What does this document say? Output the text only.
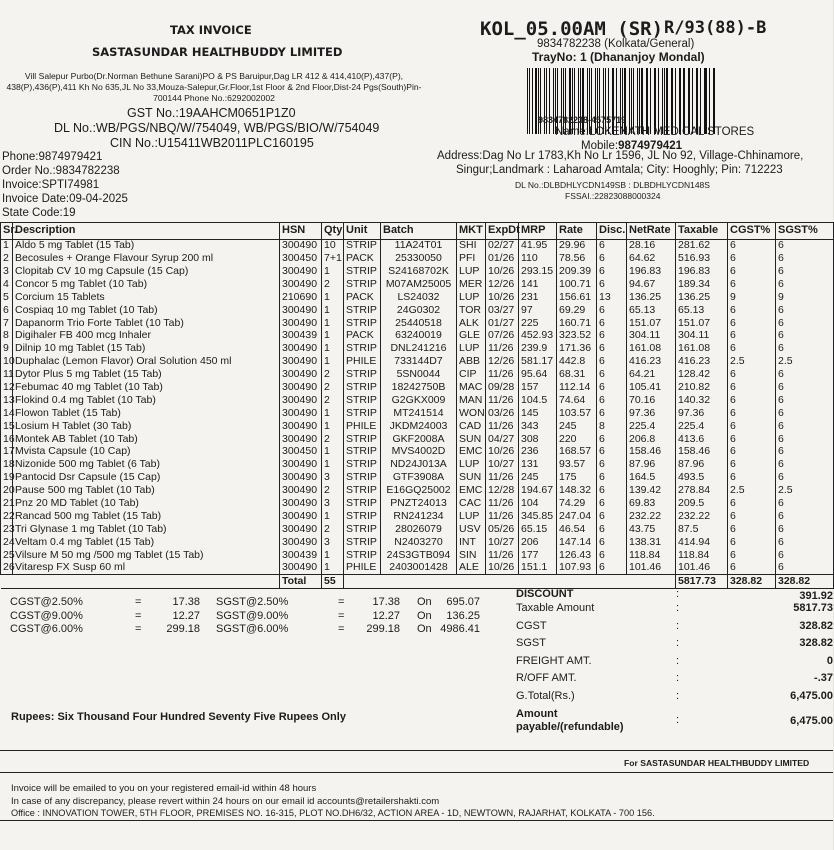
TAX INVOICE
SASTASUNDAR HEALTHBUDDY LIMITED
Vill Salepur Purbo(Dr.Norman Bethune Sarani)PO & PS Baruipur,Dag LR 412 & 414,410(P),437(P), 438(P),436(P),411 Kh No 635,JL No 33,Mouza-Salepur,Gr.Floor,1st Floor & 2nd Floor,Dist-24 Pgs(South)Pin-700144 Phone No.:6292002002
GST No.:19AAHCM0651P1Z0
DL No.:WB/PGS/NBQ/W/754049, WB/PGS/BIO/W/754049
CIN No.:U15411WB2011PLC160195
Phone:9874979421
Order No.:9834782238
Invoice:SPTI74981
Invoice Date:09-04-2025
State Code:19
KOL_05.00AM (SR) R/93(88)-B
9834782238 (Kolkata/General)
TrayNo: 1 (Dhananjoy Mondal)
9834782238-4575719
Name:LOKENATH MEDICAL STORES
Mobile:9874979421
Address:Dag No Lr 1783,Kh No Lr 1596, JL No 92, Village-Chhinamore,
Singur;Landmark : Laharoad Amtala; City: Hooghly; Pin: 712223
DL No.:DLBDHLYCDN149SB : DLBDHLYCDN148S
FSSAI.:22823088000324
Sr.	Description	HSN	Qty	Unit	Batch	MKT	ExpDt	MRP	Rate	Disc.	NetRate	Taxable	CGST%	SGST%
1	Aldo 5 mg Tablet (15 Tab)	300490	10	STRIP	11A24T01	SHI	02/27	41.95	29.96	6	28.16	281.62	6	6
2	Becosules + Orange Flavour Syrup 200 ml	300450	7+1	PACK	25330050	PFI	01/26	110	78.56	6	64.62	516.93	6	6
3	Clopitab CV 10 mg Capsule (15 Cap)	300490	1	STRIP	S24168702K	LUP	10/26	293.15	209.39	6	196.83	196.83	6	6
4	Concor 5 mg Tablet (10 Tab)	300490	2	STRIP	M07AM25005	MER	12/26	141	100.71	6	94.67	189.34	6	6
5	Corcium 15 Tablets	210690	1	PACK	LS24032	LUP	10/26	231	156.61	13	136.25	136.25	9	9
6	Cospiaq 10 mg Tablet (10 Tab)	300490	1	STRIP	24G0302	TOR	03/27	97	69.29	6	65.13	65.13	6	6
7	Dapanorm Trio Forte Tablet (10 Tab)	300490	1	STRIP	25440518	ALK	01/27	225	160.71	6	151.07	151.07	6	6
8	Digihaler FB 400 mcg Inhaler	300439	1	PACK	63240019	GLE	07/26	452.93	323.52	6	304.11	304.11	6	6
9	Dilnip 10 mg Tablet (15 Tab)	300490	1	STRIP	DNL241216	LUP	11/26	239.9	171.36	6	161.08	161.08	6	6
10	Duphalac (Lemon Flavor) Oral Solution 450 ml	300490	1	PHILE	733144D7	ABB	12/26	581.17	442.8	6	416.23	416.23	2.5	2.5
11	Dytor Plus 5 mg Tablet (15 Tab)	300490	2	STRIP	5SN0044	CIP	11/26	95.64	68.31	6	64.21	128.42	6	6
12	Febumac 40 mg Tablet (10 Tab)	300490	2	STRIP	18242750B	MAC	09/28	157	112.14	6	105.41	210.82	6	6
13	Flokind 0.4 mg Tablet (10 Tab)	300490	2	STRIP	G2GKX009	MAN	11/26	104.5	74.64	6	70.16	140.32	6	6
14	Flowon Tablet (15 Tab)	300490	1	STRIP	MT241514	WON	03/26	145	103.57	6	97.36	97.36	6	6
15	Losium H Tablet (30 Tab)	300490	1	PHILE	JKDM24003	CAD	11/26	343	245	8	225.4	225.4	6	6
16	Montek AB Tablet (10 Tab)	300490	2	STRIP	GKF2008A	SUN	04/27	308	220	6	206.8	413.6	6	6
17	Mvista Capsule (10 Cap)	300450	1	STRIP	MVS4002D	EMC	10/26	236	168.57	6	158.46	158.46	6	6
18	Nizonide 500 mg Tablet (6 Tab)	300490	1	STRIP	ND24J013A	LUP	10/27	131	93.57	6	87.96	87.96	6	6
19	Pantocid Dsr Capsule (15 Cap)	300490	3	STRIP	GTF3908A	SUN	11/26	245	175	6	164.5	493.5	6	6
20	Pause 500 mg Tablet (10 Tab)	300490	2	STRIP	E16GQ25002	EMC	12/28	194.67	148.32	6	139.42	278.84	2.5	2.5
21	Pnz 20 MD Tablet (10 Tab)	300490	3	STRIP	PNZT24013	CAC	11/26	104	74.29	6	69.83	209.5	6	6
22	Rancad 500 mg Tablet (15 Tab)	300490	1	STRIP	RN241234	LUP	11/26	345.85	247.04	6	232.22	232.22	6	6
23	Tri Glynase 1 mg Tablet (10 Tab)	300490	2	STRIP	28026079	USV	05/26	65.15	46.54	6	43.75	87.5	6	6
24	Veltam 0.4 mg Tablet (15 Tab)	300490	3	STRIP	N2403270	INT	10/27	206	147.14	6	138.31	414.94	6	6
25	Vilsure M 50 mg /500 mg Tablet (15 Tab)	300439	1	STRIP	24S3GTB094	SIN	11/26	177	126.43	6	118.84	118.84	6	6
26	Vitaresp FX Susp 60 ml	300490	1	PHILE	2403001428	ALE	10/26	151.1	107.93	6	101.46	101.46	6	6
		Total	55									5817.73	328.82	328.82
CGST@2.50%	=	17.38 SGST@2.50%	=	17.38 On	695.07
CGST@9.00%	=	12.27 SGST@9.00%	=	12.27 On	136.25
CGST@6.00%	=	299.18 SGST@6.00%	=	299.18 On 4986.41
DISCOUNT	:	391.92
Taxable Amount	:	5817.73
CGST	:	328.82
SGST	:	328.82
FREIGHT AMT.	:	0
R/OFF AMT.	:	-.37
G.Total(Rs.)	:	6,475.00
Amount
payable/(refundable)
:	6,475.00
Rupees: Six Thousand Four Hundred Seventy Five Rupees Only
For SASTASUNDAR HEALTHBUDDY LIMITED
Invoice will be emailed to you on your registered email-id within 48 hours
In case of any discrepancy, please revert within 24 hours on our email id accounts@retailershakti.com
Office : INNOVATION TOWER, 5TH FLOOR, PREMISES NO. 16-315, PLOT NO.DH6/32, ACTION AREA - 1D, NEWTOWN, RAJARHAT, KOLKATA - 700 156.
